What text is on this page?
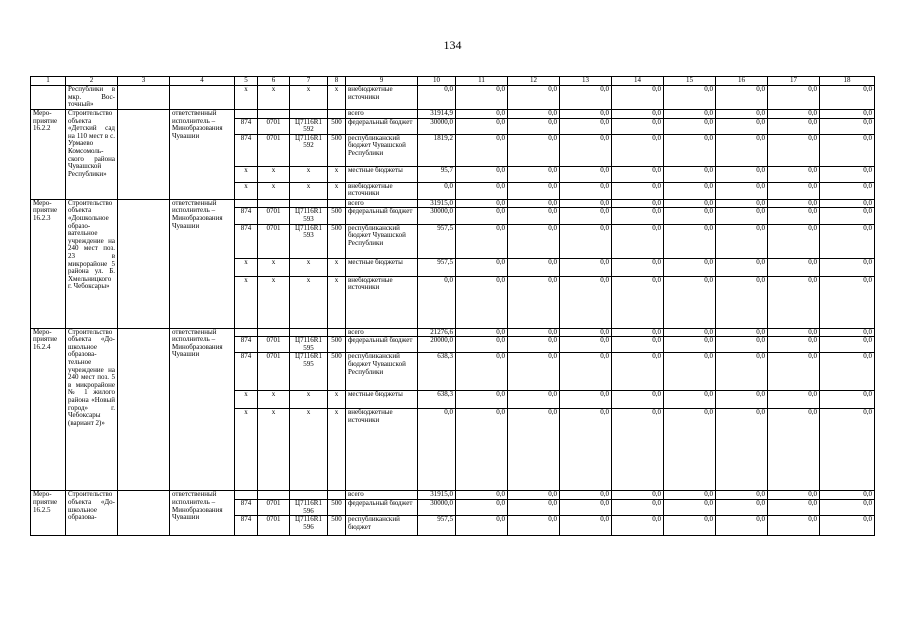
134
1	2	3	4	5	6	7	8	9	10	11	12	13	14	15	16	17	18
	Республики в мкр. Восточный»			x	x	x	x	внебюджетные источники	0,0	0,0	0,0	0,0	0,0	0,0	0,0	0,0	0,0
Мероприятие 16.2.2	Строительство объекта «Детский сад на 110 мест в с. Урмаево Комсомольского района Чувашской Республики»		ответственный исполнитель – Минобразования Чувашии					всего	31914,9	0,0	0,0	0,0	0,0	0,0	0,0	0,0	0,0
				874	0701	Ц7116R1 592	500	федеральный бюджет	30000,0	0,0	0,0	0,0	0,0	0,0	0,0	0,0	0,0
				874	0701	Ц7116R1 592	500	республиканский бюджет Чувашской Республики	1819,2	0,0	0,0	0,0	0,0	0,0	0,0	0,0	0,0
				x	x	x	x	местные бюджеты	95,7	0,0	0,0	0,0	0,0	0,0	0,0	0,0	0,0
				x	x	x	x	внебюджетные источники	0,0	0,0	0,0	0,0	0,0	0,0	0,0	0,0	0,0
Мероприятие 16.2.3	Строительство объекта «Дошкольное образовательное учреждение на 240 мест поз. 23 в микрорайоне 5 района ул. Б. Хмельницкого г. Чебоксары»		ответственный исполнитель – Минобразования Чувашии					всего	31915,0	0,0	0,0	0,0	0,0	0,0	0,0	0,0	0,0
				874	0701	Ц7116R1 593	500	федеральный бюджет	30000,0	0,0	0,0	0,0	0,0	0,0	0,0	0,0	0,0
				874	0701	Ц7116R1 593	500	республиканский бюджет Чувашской Республики	957,5	0,0	0,0	0,0	0,0	0,0	0,0	0,0	0,0
				x	x	x	x	местные бюджеты	957,5	0,0	0,0	0,0	0,0	0,0	0,0	0,0	0,0
				x	x	x	x	внебюджетные источники	0,0	0,0	0,0	0,0	0,0	0,0	0,0	0,0	0,0
Мероприятие 16.2.4	Строительство объекта «Дошкольное образовательное учреждение на 240 мест поз. 5 в микрорайоне № 1 жилого района «Новый город» г. Чебоксары (вариант 2)»		ответственный исполнитель – Минобразования Чувашии					всего	21276,6	0,0	0,0	0,0	0,0	0,0	0,0	0,0	0,0
				874	0701	Ц7116R1 595	500	федеральный бюджет	20000,0	0,0	0,0	0,0	0,0	0,0	0,0	0,0	0,0
				874	0701	Ц7116R1 595	500	республиканский бюджет Чувашской Республики	638,3	0,0	0,0	0,0	0,0	0,0	0,0	0,0	0,0
				x	x	x	x	местные бюджеты	638,3	0,0	0,0	0,0	0,0	0,0	0,0	0,0	0,0
				x	x	x	x	внебюджетные источники	0,0	0,0	0,0	0,0	0,0	0,0	0,0	0,0	0,0
Мероприятие 16.2.5	Строительство объекта «Дошкольное образова-		ответственный исполнитель – Минобразования Чувашии					всего	31915,0	0,0	0,0	0,0	0,0	0,0	0,0	0,0	0,0
				874	0701	Ц7116R1 596	500	федеральный бюджет	30000,0	0,0	0,0	0,0	0,0	0,0	0,0	0,0	0,0
				874	0701	Ц7116R1 596	500	республиканский бюджет	957,5	0,0	0,0	0,0	0,0	0,0	0,0	0,0	0,0
